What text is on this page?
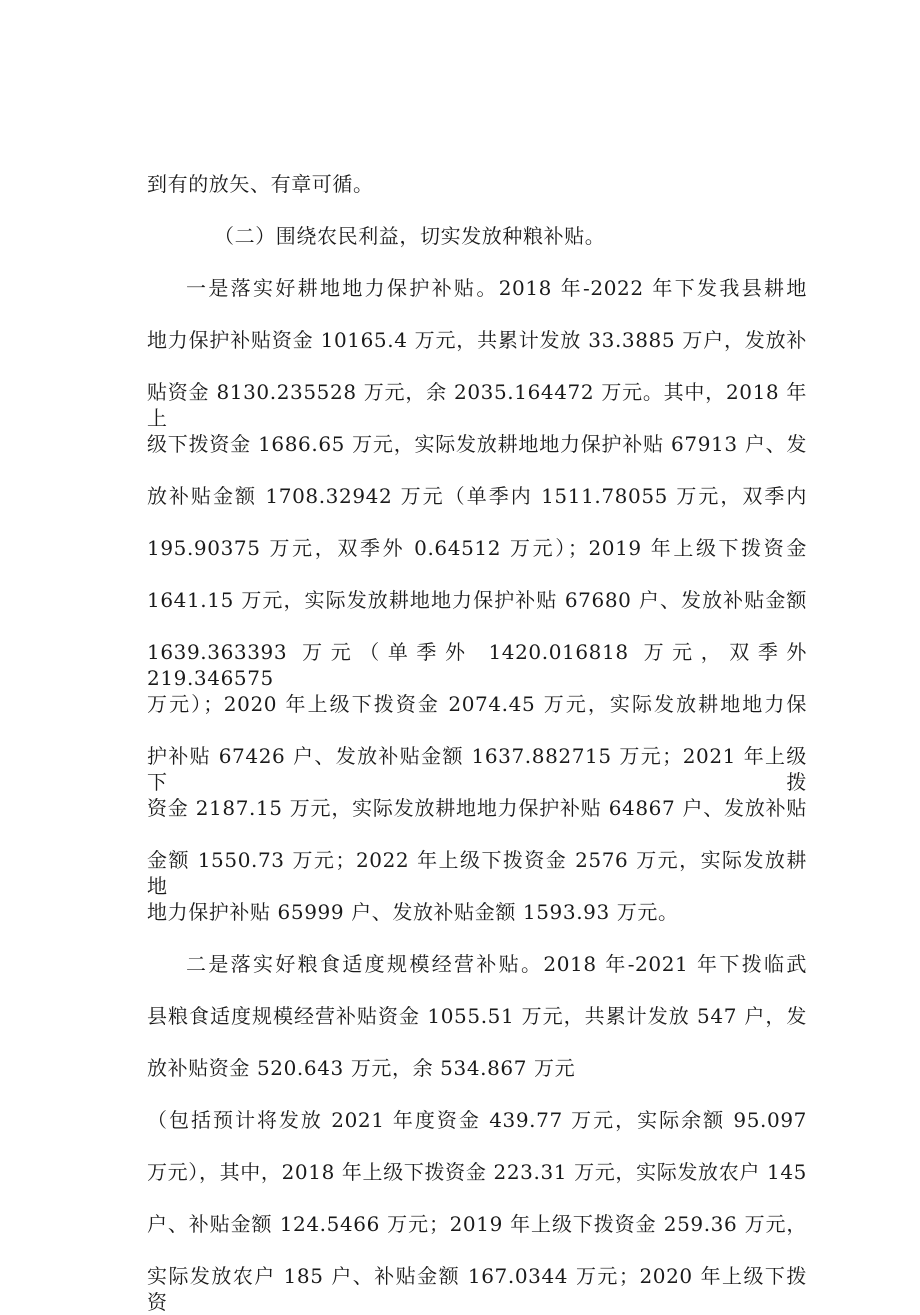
到有的放矢、有章可循。
（二）围绕农民利益，切实发放种粮补贴。
一是落实好耕地地力保护补贴。2018 年-2022 年下发我县耕地
地力保护补贴资金 10165.4 万元，共累计发放 33.3885 万户，发放补
贴资金 8130.235528 万元，余 2035.164472 万元。其中，2018 年上
级下拨资金 1686.65 万元，实际发放耕地地力保护补贴 67913 户、发
放补贴金额 1708.32942 万元（单季内 1511.78055 万元，双季内
195.90375 万元，双季外 0.64512 万元）；2019 年上级下拨资金
1641.15 万元，实际发放耕地地力保护补贴 67680 户、发放补贴金额
1639.363393 万元（单季外 1420.016818 万元，双季外 219.346575
万元）；2020 年上级下拨资金 2074.45 万元，实际发放耕地地力保
护补贴 67426 户、发放补贴金额 1637.882715 万元；2021 年上级下拨
资金 2187.15 万元，实际发放耕地地力保护补贴 64867 户、发放补贴
金额 1550.73 万元；2022 年上级下拨资金 2576 万元，实际发放耕地
地力保护补贴 65999 户、发放补贴金额 1593.93 万元。
二是落实好粮食适度规模经营补贴。2018 年-2021 年下拨临武
县粮食适度规模经营补贴资金 1055.51 万元，共累计发放 547 户，发
放补贴资金 520.643 万元，余 534.867 万元
（包括预计将发放 2021 年度资金 439.77 万元，实际余额 95.097
万元），其中，2018 年上级下拨资金 223.31 万元，实际发放农户 145
户、补贴金额 124.5466 万元；2019 年上级下拨资金 259.36 万元，
实际发放农户 185 户、补贴金额 167.0344 万元；2020 年上级下拨资
